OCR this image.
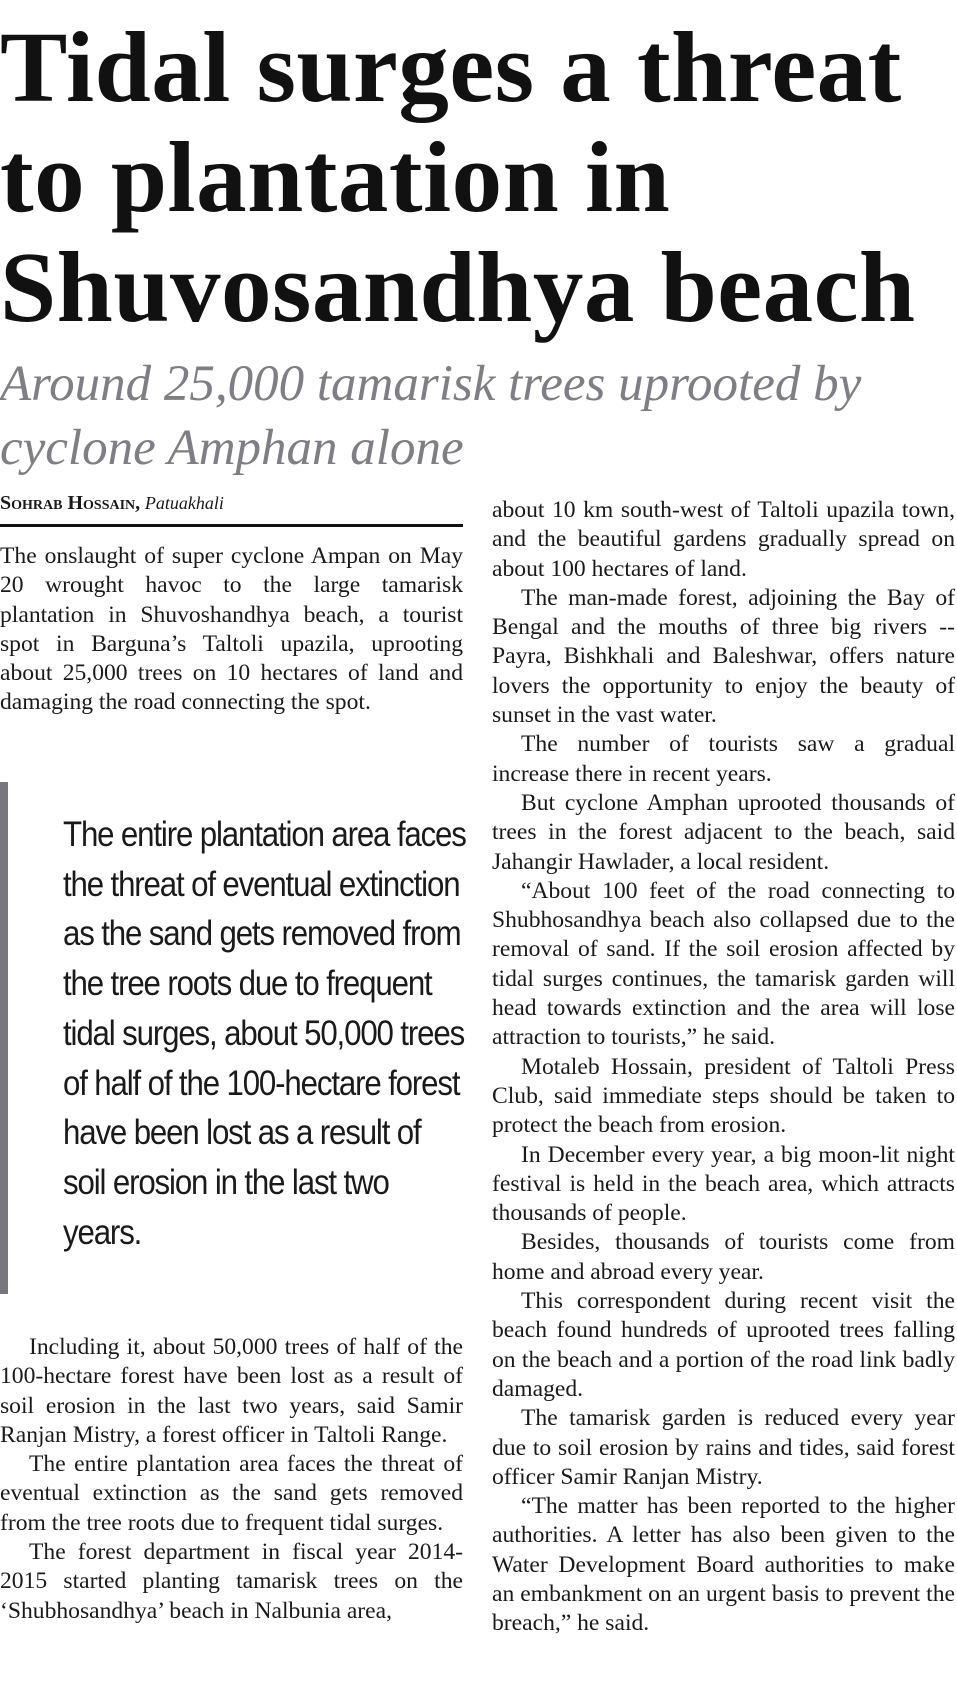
Tidal surges a threat to plantation in Shuvosandhya beach
Around 25,000 tamarisk trees uprooted by cyclone Amphan alone
Sohrab Hossain, Patuakhali

The onslaught of super cyclone Ampan on May 20 wrought havoc to the large tamarisk plantation in Shuvoshandhya beach, a tourist spot in Barguna’s Taltoli upazila, uprooting about 25,000 trees on 10 hectares of land and damaging the road connecting the spot.

The entire plantation area faces the threat of eventual extinction as the sand gets removed from the tree roots due to frequent tidal surges, about 50,000 trees of half of the 100-hectare forest have been lost as a result of soil erosion in the last two years.

Including it, about 50,000 trees of half of the 100-hectare forest have been lost as a result of soil erosion in the last two years, said Samir Ranjan Mistry, a forest officer in Taltoli Range.

The entire plantation area faces the threat of eventual extinction as the sand gets removed from the tree roots due to frequent tidal surges.

The forest department in fiscal year 2014-2015 started planting tamarisk trees on the ‘Shubhosandhya’ beach in Nalbunia area,

about 10 km south-west of Taltoli upazila town, and the beautiful gardens gradually spread on about 100 hectares of land.

The man-made forest, adjoining the Bay of Bengal and the mouths of three big rivers -- Payra, Bishkhali and Baleshwar, offers nature lovers the opportunity to enjoy the beauty of sunset in the vast water.

The number of tourists saw a gradual increase there in recent years.

But cyclone Amphan uprooted thousands of trees in the forest adjacent to the beach, said Jahangir Hawlader, a local resident.

“About 100 feet of the road connecting to Shubhosandhya beach also collapsed due to the removal of sand. If the soil erosion affected by tidal surges continues, the tamarisk garden will head towards extinction and the area will lose attraction to tourists,” he said.

Motaleb Hossain, president of Taltoli Press Club, said immediate steps should be taken to protect the beach from erosion.

In December every year, a big moon-lit night festival is held in the beach area, which attracts thousands of people.

Besides, thousands of tourists come from home and abroad every year.

This correspondent during recent visit the beach found hundreds of uprooted trees falling on the beach and a portion of the road link badly damaged.

The tamarisk garden is reduced every year due to soil erosion by rains and tides, said forest officer Samir Ranjan Mistry.

“The matter has been reported to the higher authorities. A letter has also been given to the Water Development Board authorities to make an embankment on an urgent basis to prevent the breach,” he said.
